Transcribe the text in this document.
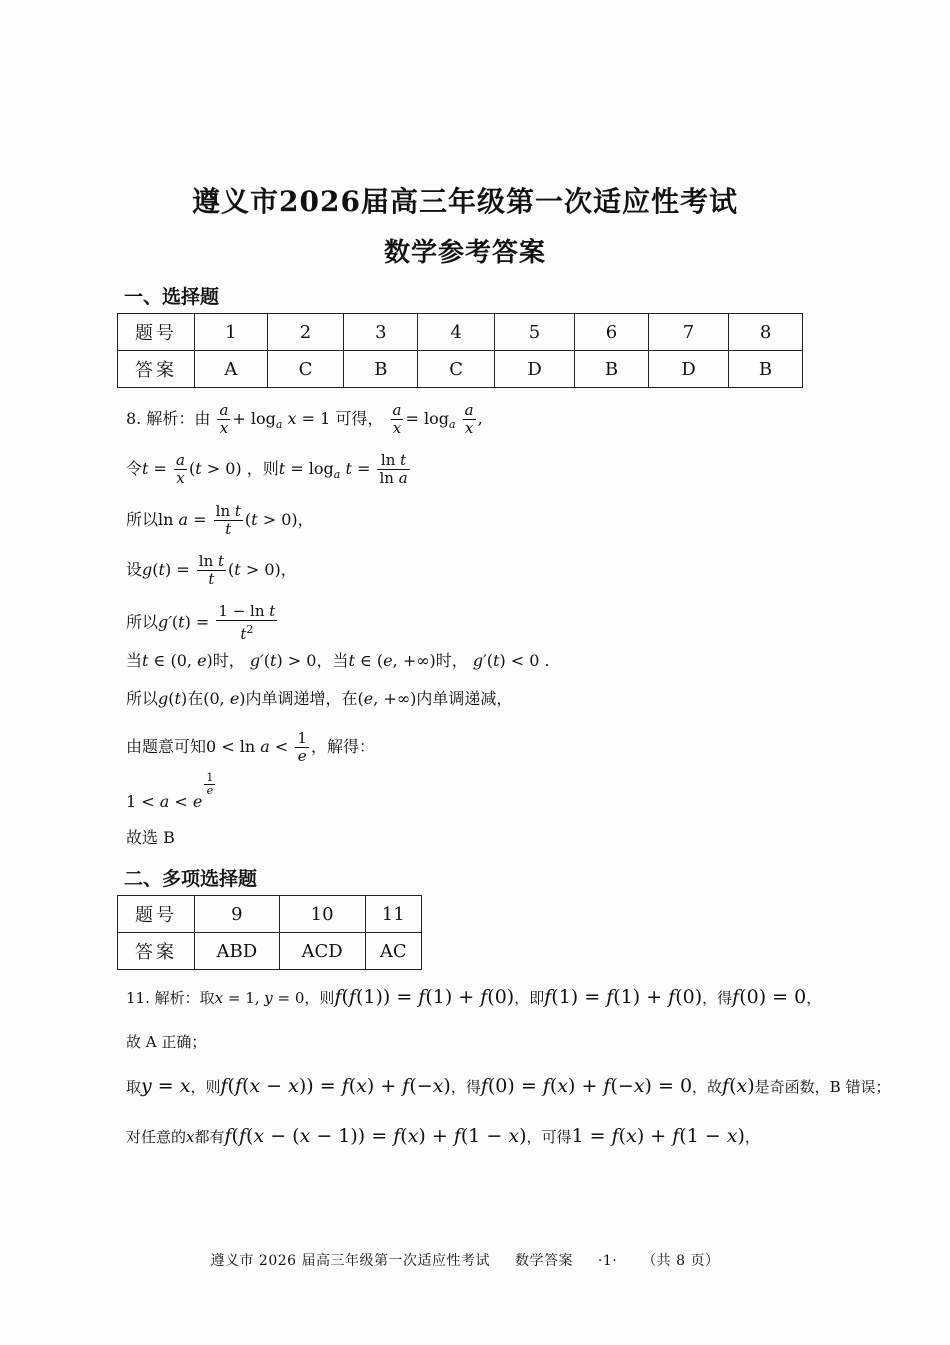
遵义市2026届高三年级第一次适应性考试
数学参考答案
一、选择题
题号	1	2	3	4	5	6	7	8
答案	A	C	B	C	D	B	D	B
8. 解析：由 $\frac{a}{x} + \log_a x = 1$ 可得， $\frac{a}{x} = \log_a \frac{a}{x}$ ,
令$t = \frac{a}{x} (t > 0)$ ，则$t = \log_a t = \frac{\text{ln t}}{\text{ln a}}$
所以$\ln a = \frac{\text{ln t}}{t} (t > 0)$，
设$g(t) = \frac{\text{ln t}}{t} (t > 0)$，
所以$g'(t) = \frac{\text{1 − ln t}}{t^2}$
当t ∈ (0, e)时， g′(t) > 0，当t ∈ (e, +∞)时， g′(t) < 0 .
所以g(t)在(0, e)内单调递增，在(e, +∞)内单调递减，
由题意可知$0 < \ln a < \frac{1}{e}$ ，解得：
1 < a < e
$\frac{1}{e}$
故选 B
二、多项选择题
题号	9	10	11
答案	ABD	ACD	AC
11. 解析：取x = 1, y = 0，则f(f(1)) = f(1) + f(0)，即f(1) = f(1) + f(0)，得f(0) = 0，
故 A 正确；
取y = x，则f(f(x − x)) = f(x) + f(−x)，得f(0) = f(x) + f(−x) = 0，故f(x)是奇函数，B 错误；
对任意的x都有f(f(x − (x − 1)) = f(x) + f(1 − x)，可得1 = f(x) + f(1 − x)，
遵义市 2026 届高三年级第一次适应性考试 数学答案 ·1· （共 8 页）
